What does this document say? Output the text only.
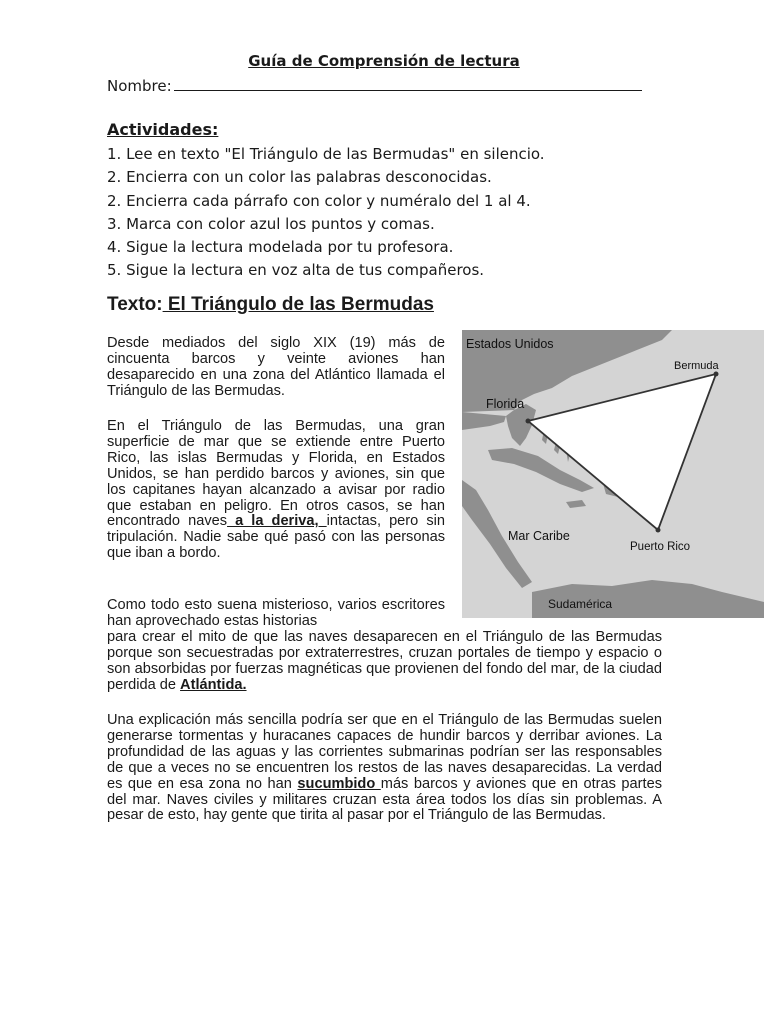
Guía de Comprensión de lectura
Nombre:
Actividades:
1. Lee en texto "El Triángulo de las Bermudas" en silencio.
2. Encierra con un color las palabras desconocidas.
2. Encierra cada párrafo con color y numéralo del 1 al 4.
3. Marca con color azul los puntos y comas.
4. Sigue la lectura modelada por tu profesora.
5. Sigue la lectura en voz alta de tus compañeros.
Texto: El Triángulo de las Bermudas

Desde mediados del siglo XIX (19) más de cincuenta barcos y veinte aviones han desaparecido en una zona del Atlántico llamada el Triángulo de las Bermudas.

En el Triángulo de las Bermudas, una gran superficie de mar que se extiende entre Puerto Rico, las islas Bermudas y Florida, en Estados Unidos, se han perdido barcos y aviones, sin que los capitanes hayan alcanzado a avisar por radio que estaban en peligro. En otros casos, se han encontrado naves a la deriva, intactas, pero sin tripulación. Nadie sabe qué pasó con las personas que iban a bordo.

Como todo esto suena misterioso, varios escritores han aprovechado estas historias

para crear el mito de que las naves desaparecen en el Triángulo de las Bermudas porque son secuestradas por extraterrestres, cruzan portales de tiempo y espacio o son absorbidas por fuerzas magnéticas que provienen del fondo del mar, de la ciudad perdida de Atlántida.

Una explicación más sencilla podría ser que en el Triángulo de las Bermudas suelen generarse tormentas y huracanes capaces de hundir barcos y derribar aviones. La profundidad de las aguas y las corrientes submarinas podrían ser las responsables de que a veces no se encuentren los restos de las naves desaparecidas. La verdad es que en esa zona no han sucumbido más barcos y aviones que en otras partes del mar. Naves civiles y militares cruzan esta área todos los días sin problemas. A pesar de esto, hay gente que tirita al pasar por el Triángulo de las Bermudas.

Estados Unidos
Florida
Bermuda
Mar Caribe
Puerto Rico
Sudamérica
